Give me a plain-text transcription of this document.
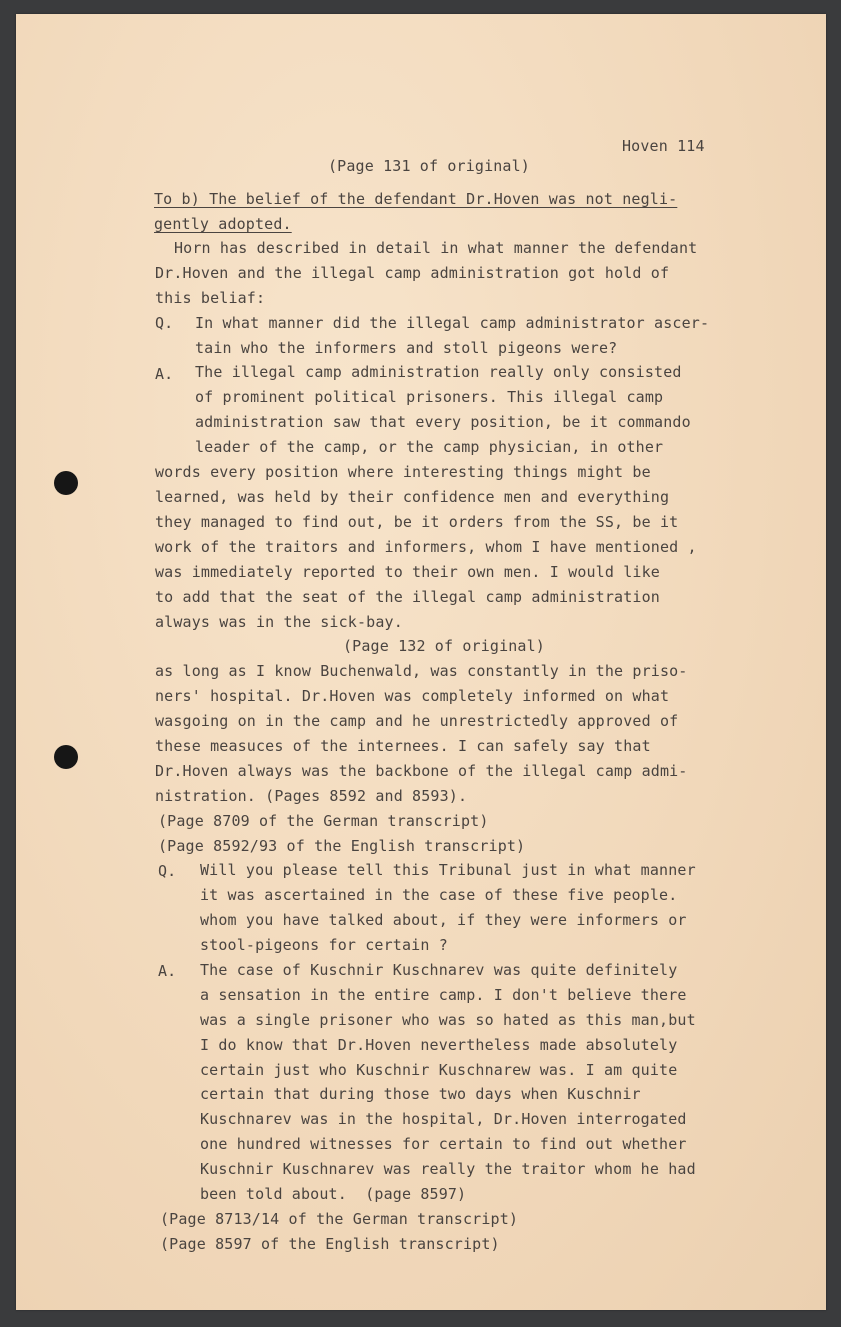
Hoven 114
(Page 131 of original)
To b) The belief of the defendant Dr.Hoven was not negli-
gently adopted.
Horn has described in detail in what manner the defendant
Dr.Hoven and the illegal camp administration got hold of
this beliaf:
Q. In what manner did the illegal camp administrator ascer-
tain who the informers and stoll pigeons were?
A. The illegal camp administration really only consisted
of prominent political prisoners. This illegal camp
administration saw that every position, be it commando
leader of the camp, or the camp physician, in other
words every position where interesting things might be
learned, was held by their confidence men and everything
they managed to find out, be it orders from the SS, be it
work of the traitors and informers, whom I have mentioned ,
was immediately reported to their own men. I would like
to add that the seat of the illegal camp administration
always was in the sick-bay.
(Page 132 of original)
as long as I know Buchenwald, was constantly in the priso-
ners' hospital. Dr.Hoven was completely informed on what
wasgoing on in the camp and he unrestrictedly approved of
these measuces of the internees. I can safely say that
Dr.Hoven always was the backbone of the illegal camp admi-
nistration. (Pages 8592 and 8593).
(Page 8709 of the German transcript)
(Page 8592/93 of the English transcript)
Q. Will you please tell this Tribunal just in what manner
it was ascertained in the case of these five people.
whom you have talked about, if they were informers or
stool-pigeons for certain ?
A. The case of Kuschnir Kuschnarev was quite definitely
a sensation in the entire camp. I don't believe there
was a single prisoner who was so hated as this man,but
I do know that Dr.Hoven nevertheless made absolutely
certain just who Kuschnir Kuschnarew was. I am quite
certain that during those two days when Kuschnir
Kuschnarev was in the hospital, Dr.Hoven interrogated
one hundred witnesses for certain to find out whether
Kuschnir Kuschnarev was really the traitor whom he had
been told about.  (page 8597)
(Page 8713/14 of the German transcript)
(Page 8597 of the English transcript)
